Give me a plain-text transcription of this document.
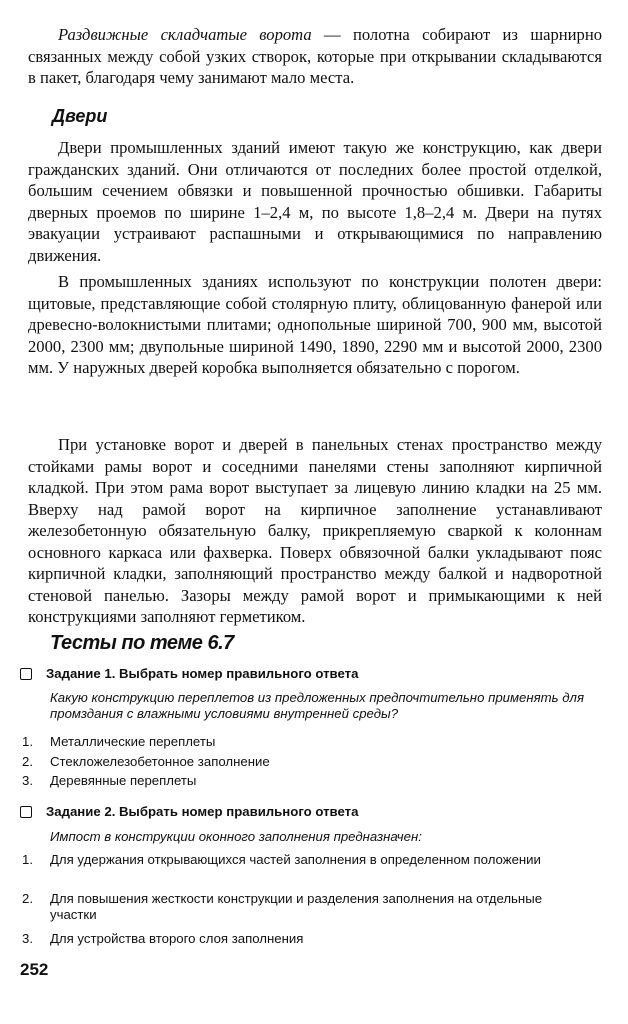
Раздвижные складчатые ворота — полотна собирают из шарнирно связанных между собой узких створок, которые при открывании складываются в пакет, благодаря чему занимают мало места.

Двери

Двери промышленных зданий имеют такую же конструкцию, как двери гражданских зданий. Они отличаются от последних более простой отделкой, большим сечением обвязки и повышенной прочностью обшивки. Габариты дверных проемов по ширине 1–2,4 м, по высоте 1,8–2,4 м. Двери на путях эвакуации устраивают распашными и открывающимися по направлению движения.

В промышленных зданиях используют по конструкции полотен двери: щитовые, представляющие собой столярную плиту, облицованную фанерой или древесно-волокнистыми плитами; однопольные шириной 700, 900 мм, высотой 2000, 2300 мм; двупольные шириной 1490, 1890, 2290 мм и высотой 2000, 2300 мм. У наружных дверей коробка выполняется обязательно с порогом.

При установке ворот и дверей в панельных стенах пространство между стойками рамы ворот и соседними панелями стены заполняют кирпичной кладкой. При этом рама ворот выступает за лицевую линию кладки на 25 мм. Вверху над рамой ворот на кирпичное заполнение устанавливают железобетонную обязательную балку, прикрепляемую сваркой к колоннам основного каркаса или фахверка. Поверх обвязочной балки укладывают пояс кирпичной кладки, заполняющий пространство между балкой и надворотной стеновой панелью. Зазоры между рамой ворот и примыкающими к ней конструкциями заполняют герметиком.

Тесты по теме 6.7
Задание 1. Выбрать номер правильного ответа

Какую конструкцию переплетов из предложенных предпочтительно применять для промздания с влажными условиями внутренней среды?

1.	Металлические переплеты
2.	Стекложелезобетонное заполнение
3.	Деревянные переплеты
Задание 2. Выбрать номер правильного ответа

Импост в конструкции оконного заполнения предназначен:

1.	Для удержания открывающихся частей заполнения в определенном положении
2.	Для повышения жесткости конструкции и разделения заполнения на отдельные участки
3.	Для устройства второго слоя заполнения
252
